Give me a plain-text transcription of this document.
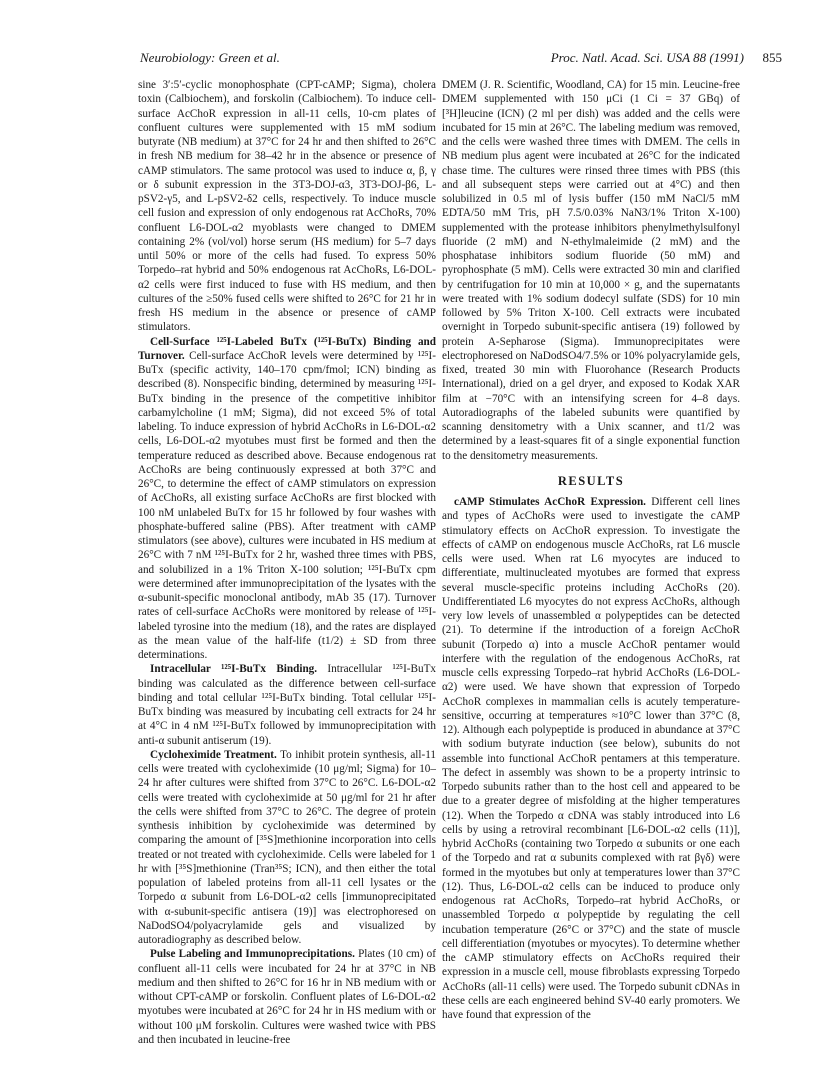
Neurobiology: Green et al.	Proc. Natl. Acad. Sci. USA 88 (1991) 855

sine 3′:5′-cyclic monophosphate (CPT-cAMP; Sigma), cholera toxin (Calbiochem), and forskolin (Calbiochem). To induce cell-surface AcChoR expression in all-11 cells, 10-cm plates of confluent cultures were supplemented with 15 mM sodium butyrate (NB medium) at 37°C for 24 hr and then shifted to 26°C in fresh NB medium for 38–42 hr in the absence or presence of cAMP stimulators. The same protocol was used to induce α, β, γ or δ subunit expression in the 3T3-DOJ-α3, 3T3-DOJ-β6, L-pSV2-γ5, and L-pSV2-δ2 cells, respectively. To induce muscle cell fusion and expression of only endogenous rat AcChoRs, 70% confluent L6-DOL-α2 myoblasts were changed to DMEM containing 2% (vol/vol) horse serum (HS medium) for 5–7 days until 50% or more of the cells had fused. To express 50% Torpedo–rat hybrid and 50% endogenous rat AcChoRs, L6-DOL-α2 cells were first induced to fuse with HS medium, and then cultures of the ≥50% fused cells were shifted to 26°C for 21 hr in fresh HS medium in the absence or presence of cAMP stimulators.

Cell-Surface ¹²⁵I-Labeled BuTx (¹²⁵I-BuTx) Binding and Turnover. Cell-surface AcChoR levels were determined by ¹²⁵I-BuTx (specific activity, 140–170 cpm/fmol; ICN) binding as described (8). Nonspecific binding, determined by measuring ¹²⁵I-BuTx binding in the presence of the competitive inhibitor carbamylcholine (1 mM; Sigma), did not exceed 5% of total labeling. To induce expression of hybrid AcChoRs in L6-DOL-α2 cells, L6-DOL-α2 myotubes must first be formed and then the temperature reduced as described above. Because endogenous rat AcChoRs are being continuously expressed at both 37°C and 26°C, to determine the effect of cAMP stimulators on expression of AcChoRs, all existing surface AcChoRs are first blocked with 100 nM unlabeled BuTx for 15 hr followed by four washes with phosphate-buffered saline (PBS). After treatment with cAMP stimulators (see above), cultures were incubated in HS medium at 26°C with 7 nM ¹²⁵I-BuTx for 2 hr, washed three times with PBS, and solubilized in a 1% Triton X-100 solution; ¹²⁵I-BuTx cpm were determined after immunoprecipitation of the lysates with the α-subunit-specific monoclonal antibody, mAb 35 (17). Turnover rates of cell-surface AcChoRs were monitored by release of ¹²⁵I-labeled tyrosine into the medium (18), and the rates are displayed as the mean value of the half-life (t1/2) ± SD from three determinations.

Intracellular ¹²⁵I-BuTx Binding. Intracellular ¹²⁵I-BuTx binding was calculated as the difference between cell-surface binding and total cellular ¹²⁵I-BuTx binding. Total cellular ¹²⁵I-BuTx binding was measured by incubating cell extracts for 24 hr at 4°C in 4 nM ¹²⁵I-BuTx followed by immunoprecipitation with anti-α subunit antiserum (19).

Cycloheximide Treatment. To inhibit protein synthesis, all-11 cells were treated with cycloheximide (10 μg/ml; Sigma) for 10–24 hr after cultures were shifted from 37°C to 26°C. L6-DOL-α2 cells were treated with cycloheximide at 50 μg/ml for 21 hr after the cells were shifted from 37°C to 26°C. The degree of protein synthesis inhibition by cycloheximide was determined by comparing the amount of [³⁵S]methionine incorporation into cells treated or not treated with cycloheximide. Cells were labeled for 1 hr with [³⁵S]methionine (Tran³⁵S; ICN), and then either the total population of labeled proteins from all-11 cell lysates or the Torpedo α subunit from L6-DOL-α2 cells [immunoprecipitated with α-subunit-specific antisera (19)] was electrophoresed on NaDodSO4/polyacrylamide gels and visualized by autoradiography as described below.

Pulse Labeling and Immunoprecipitations. Plates (10 cm) of confluent all-11 cells were incubated for 24 hr at 37°C in NB medium and then shifted to 26°C for 16 hr in NB medium with or without CPT-cAMP or forskolin. Confluent plates of L6-DOL-α2 myotubes were incubated at 26°C for 24 hr in HS medium with or without 100 μM forskolin. Cultures were washed twice with PBS and then incubated in leucine-free

DMEM (J. R. Scientific, Woodland, CA) for 15 min. Leucine-free DMEM supplemented with 150 μCi (1 Ci = 37 GBq) of [³H]leucine (ICN) (2 ml per dish) was added and the cells were incubated for 15 min at 26°C. The labeling medium was removed, and the cells were washed three times with DMEM. The cells in NB medium plus agent were incubated at 26°C for the indicated chase time. The cultures were rinsed three times with PBS (this and all subsequent steps were carried out at 4°C) and then solubilized in 0.5 ml of lysis buffer (150 mM NaCl/5 mM EDTA/50 mM Tris, pH 7.5/0.03% NaN3/1% Triton X-100) supplemented with the protease inhibitors phenylmethylsulfonyl fluoride (2 mM) and N-ethylmaleimide (2 mM) and the phosphatase inhibitors sodium fluoride (50 mM) and pyrophosphate (5 mM). Cells were extracted 30 min and clarified by centrifugation for 10 min at 10,000 × g, and the supernatants were treated with 1% sodium dodecyl sulfate (SDS) for 10 min followed by 5% Triton X-100. Cell extracts were incubated overnight in Torpedo subunit-specific antisera (19) followed by protein A-Sepharose (Sigma). Immunoprecipitates were electrophoresed on NaDodSO4/7.5% or 10% polyacrylamide gels, fixed, treated 30 min with Fluorohance (Research Products International), dried on a gel dryer, and exposed to Kodak XAR film at −70°C with an intensifying screen for 4–8 days. Autoradiographs of the labeled subunits were quantified by scanning densitometry with a Unix scanner, and t1/2 was determined by a least-squares fit of a single exponential function to the densitometry measurements.

RESULTS

cAMP Stimulates AcChoR Expression. Different cell lines and types of AcChoRs were used to investigate the cAMP stimulatory effects on AcChoR expression. To investigate the effects of cAMP on endogenous muscle AcChoRs, rat L6 muscle cells were used. When rat L6 myocytes are induced to differentiate, multinucleated myotubes are formed that express several muscle-specific proteins including AcChoRs (20). Undifferentiated L6 myocytes do not express AcChoRs, although very low levels of unassembled α polypeptides can be detected (21). To determine if the introduction of a foreign AcChoR subunit (Torpedo α) into a muscle AcChoR pentamer would interfere with the regulation of the endogenous AcChoRs, rat muscle cells expressing Torpedo–rat hybrid AcChoRs (L6-DOL-α2) were used. We have shown that expression of Torpedo AcChoR complexes in mammalian cells is acutely temperature-sensitive, occurring at temperatures ≈10°C lower than 37°C (8, 12). Although each polypeptide is produced in abundance at 37°C with sodium butyrate induction (see below), subunits do not assemble into functional AcChoR pentamers at this temperature. The defect in assembly was shown to be a property intrinsic to Torpedo subunits rather than to the host cell and appeared to be due to a greater degree of misfolding at the higher temperatures (12). When the Torpedo α cDNA was stably introduced into L6 cells by using a retroviral recombinant [L6-DOL-α2 cells (11)], hybrid AcChoRs (containing two Torpedo α subunits or one each of the Torpedo and rat α subunits complexed with rat βγδ) were formed in the myotubes but only at temperatures lower than 37°C (12). Thus, L6-DOL-α2 cells can be induced to produce only endogenous rat AcChoRs, Torpedo–rat hybrid AcChoRs, or unassembled Torpedo α polypeptide by regulating the cell incubation temperature (26°C or 37°C) and the state of muscle cell differentiation (myotubes or myocytes). To determine whether the cAMP stimulatory effects on AcChoRs required their expression in a muscle cell, mouse fibroblasts expressing Torpedo AcChoRs (all-11 cells) were used. The Torpedo subunit cDNAs in these cells are each engineered behind SV-40 early promoters. We have found that expression of the
